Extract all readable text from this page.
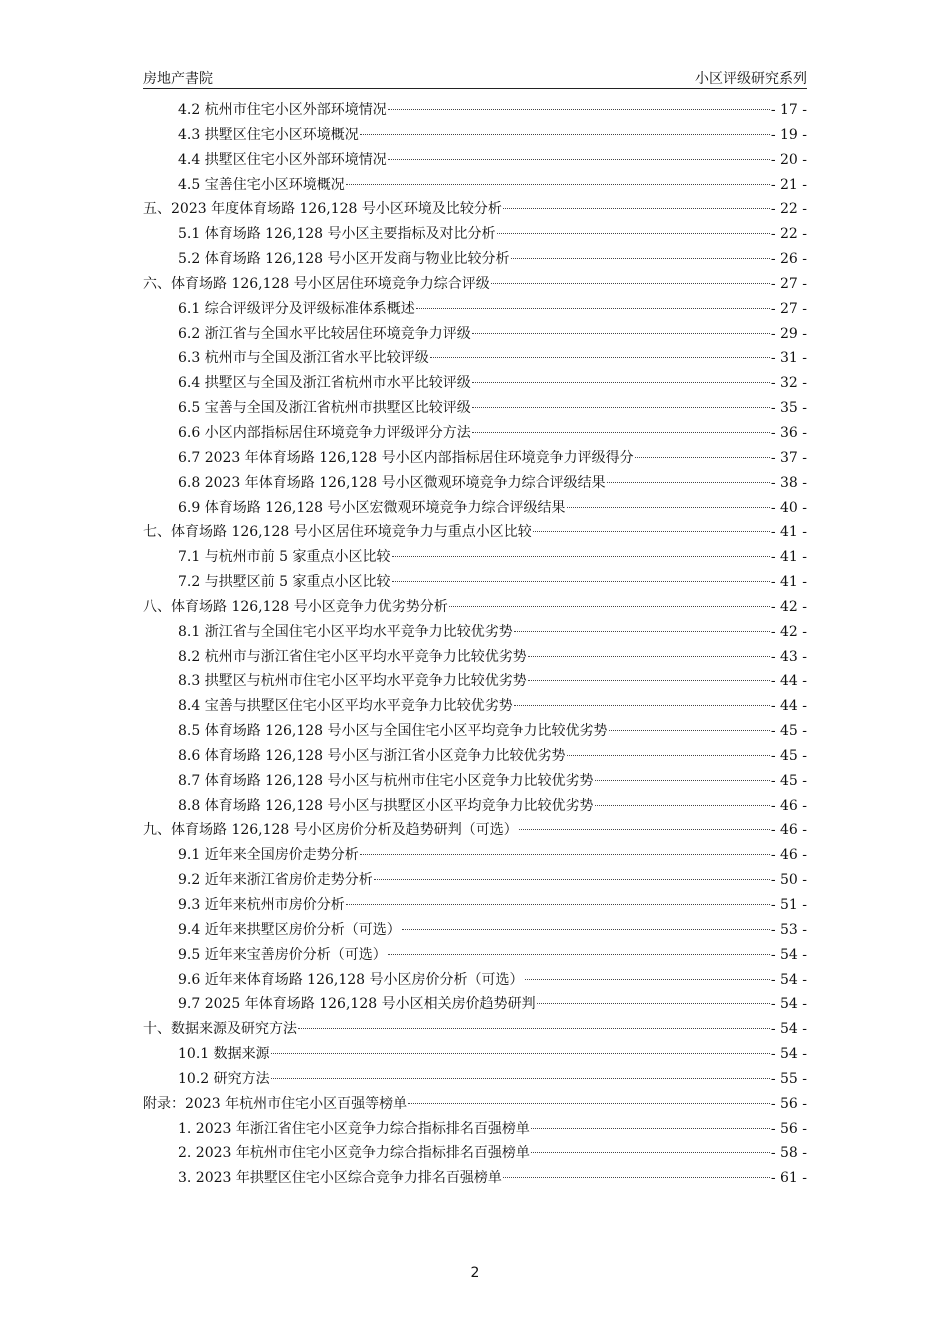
房地产書院	小区评级研究系列
4.2 杭州市住宅小区外部环境情况	- 17 -
4.3 拱墅区住宅小区环境概况	- 19 -
4.4 拱墅区住宅小区外部环境情况	- 20 -
4.5 宝善住宅小区环境概况	- 21 -
五、2023 年度体育场路 126,128 号小区环境及比较分析	- 22 -
5.1 体育场路 126,128 号小区主要指标及对比分析	- 22 -
5.2 体育场路 126,128 号小区开发商与物业比较分析	- 26 -
六、体育场路 126,128 号小区居住环境竞争力综合评级	- 27 -
6.1 综合评级评分及评级标准体系概述	- 27 -
6.2 浙江省与全国水平比较居住环境竞争力评级	- 29 -
6.3 杭州市与全国及浙江省水平比较评级	- 31 -
6.4 拱墅区与全国及浙江省杭州市水平比较评级	- 32 -
6.5 宝善与全国及浙江省杭州市拱墅区比较评级	- 35 -
6.6 小区内部指标居住环境竞争力评级评分方法	- 36 -
6.7 2023 年体育场路 126,128 号小区内部指标居住环境竞争力评级得分	- 37 -
6.8 2023 年体育场路 126,128 号小区微观环境竞争力综合评级结果	- 38 -
6.9 体育场路 126,128 号小区宏微观环境竞争力综合评级结果	- 40 -
七、体育场路 126,128 号小区居住环境竞争力与重点小区比较	- 41 -
7.1 与杭州市前 5 家重点小区比较	- 41 -
7.2 与拱墅区前 5 家重点小区比较	- 41 -
八、体育场路 126,128 号小区竞争力优劣势分析	- 42 -
8.1 浙江省与全国住宅小区平均水平竞争力比较优劣势	- 42 -
8.2 杭州市与浙江省住宅小区平均水平竞争力比较优劣势	- 43 -
8.3 拱墅区与杭州市住宅小区平均水平竞争力比较优劣势	- 44 -
8.4 宝善与拱墅区住宅小区平均水平竞争力比较优劣势	- 44 -
8.5 体育场路 126,128 号小区与全国住宅小区平均竞争力比较优劣势	- 45 -
8.6 体育场路 126,128 号小区与浙江省小区竞争力比较优劣势	- 45 -
8.7 体育场路 126,128 号小区与杭州市住宅小区竞争力比较优劣势	- 45 -
8.8 体育场路 126,128 号小区与拱墅区小区平均竞争力比较优劣势	- 46 -
九、体育场路 126,128 号小区房价分析及趋势研判（可选）	- 46 -
9.1 近年来全国房价走势分析	- 46 -
9.2 近年来浙江省房价走势分析	- 50 -
9.3 近年来杭州市房价分析	- 51 -
9.4 近年来拱墅区房价分析（可选）	- 53 -
9.5 近年来宝善房价分析（可选）	- 54 -
9.6 近年来体育场路 126,128 号小区房价分析（可选）	- 54 -
9.7 2025 年体育场路 126,128 号小区相关房价趋势研判	- 54 -
十、数据来源及研究方法	- 54 -
10.1 数据来源	- 54 -
10.2 研究方法	- 55 -
附录：2023 年杭州市住宅小区百强等榜单	- 56 -
1. 2023 年浙江省住宅小区竞争力综合指标排名百强榜单	- 56 -
2. 2023 年杭州市住宅小区竞争力综合指标排名百强榜单	- 58 -
3. 2023 年拱墅区住宅小区综合竞争力排名百强榜单	- 61 -
2
